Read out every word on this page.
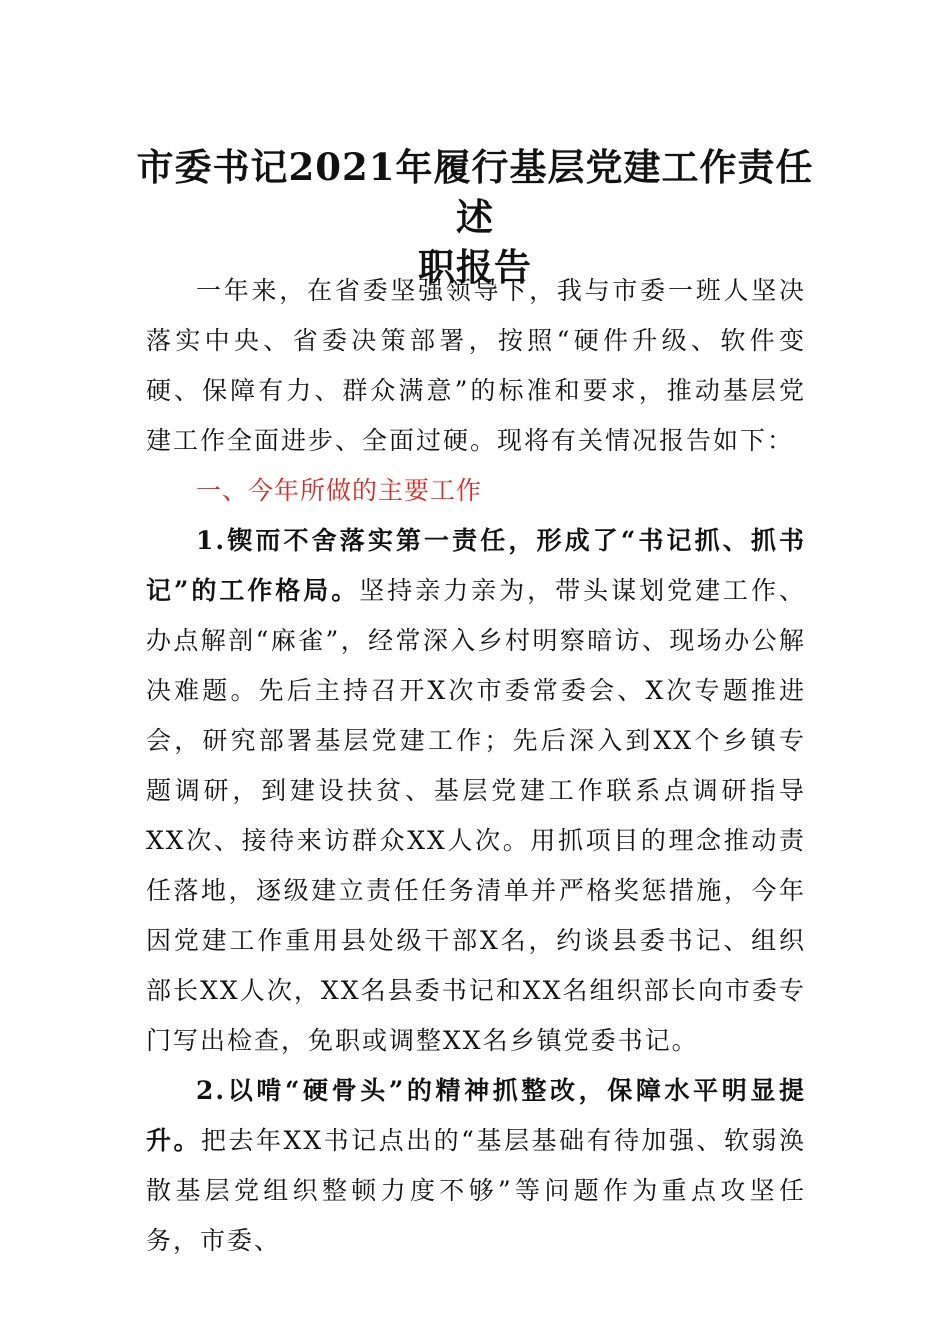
市委书记2021年履行基层党建工作责任述
职报告

一年来，在省委坚强领导下，我与市委一班人坚决落实中央、省委决策部署，按照“硬件升级、软件变硬、保障有力、群众满意”的标准和要求，推动基层党建工作全面进步、全面过硬。现将有关情况报告如下：

一、今年所做的主要工作

1.锲而不舍落实第一责任，形成了“书记抓、抓书记”的工作格局。坚持亲力亲为，带头谋划党建工作、办点解剖“麻雀”，经常深入乡村明察暗访、现场办公解决难题。先后主持召开X次市委常委会、X次专题推进会，研究部署基层党建工作；先后深入到XX个乡镇专题调研，到建设扶贫、基层党建工作联系点调研指导XX次、接待来访群众XX人次。用抓项目的理念推动责任落地，逐级建立责任任务清单并严格奖惩措施，今年因党建工作重用县处级干部X名，约谈县委书记、组织部长XX人次，XX名县委书记和XX名组织部长向市委专门写出检查，免职或调整XX名乡镇党委书记。

2.以啃“硬骨头”的精神抓整改，保障水平明显提升。把去年XX书记点出的“基层基础有待加强、软弱涣散基层党组织整顿力度不够”等问题作为重点攻坚任务，市委、
